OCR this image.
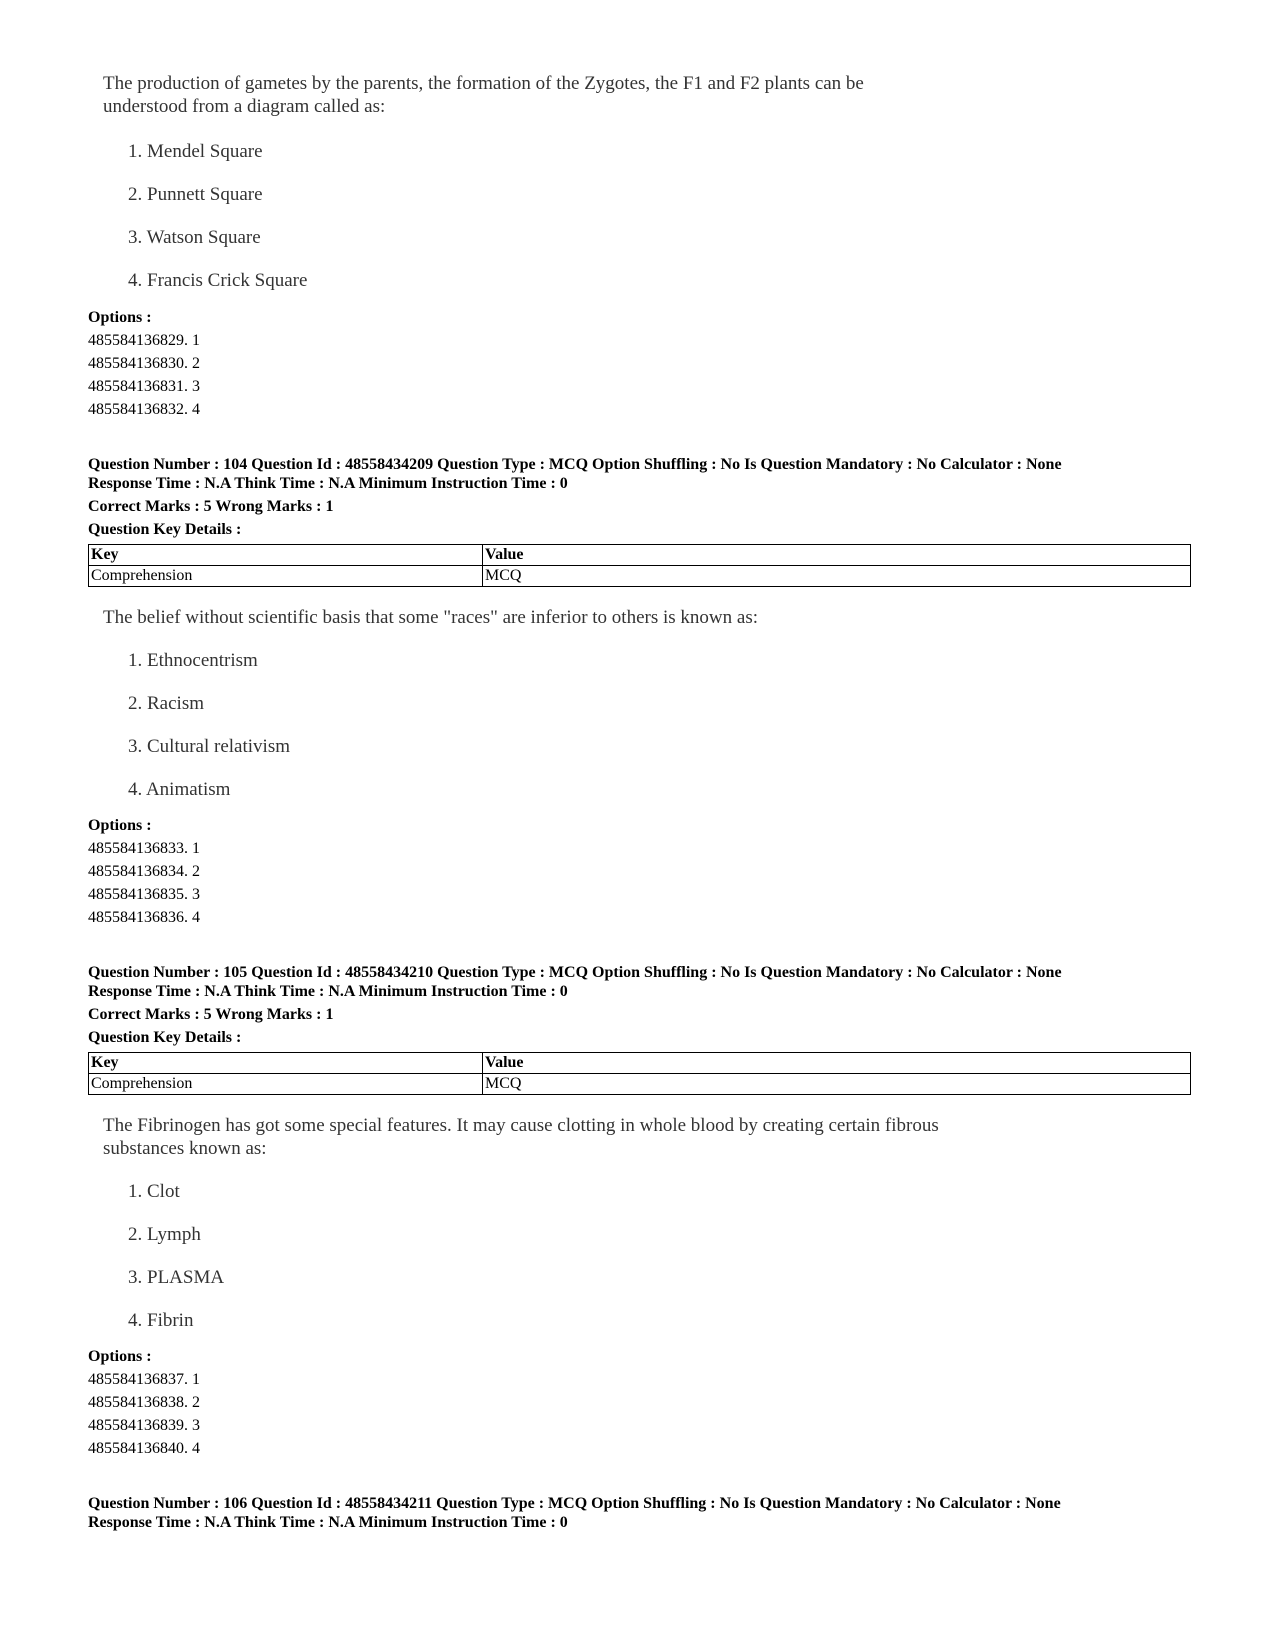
The production of gametes by the parents, the formation of the Zygotes, the F1 and F2 plants can be
understood from a diagram called as:
1. Mendel Square
2. Punnett Square
3. Watson Square
4. Francis Crick Square
Options :
485584136829. 1
485584136830. 2
485584136831. 3
485584136832. 4
Question Number : 104 Question Id : 48558434209 Question Type : MCQ Option Shuffling : No Is Question Mandatory : No Calculator : None
Response Time : N.A Think Time : N.A Minimum Instruction Time : 0
Correct Marks : 5 Wrong Marks : 1
Question Key Details :
Key	Value
Comprehension	MCQ
The belief without scientific basis that some "races" are inferior to others is known as:
1. Ethnocentrism
2. Racism
3. Cultural relativism
4. Animatism
Options :
485584136833. 1
485584136834. 2
485584136835. 3
485584136836. 4
Question Number : 105 Question Id : 48558434210 Question Type : MCQ Option Shuffling : No Is Question Mandatory : No Calculator : None
Response Time : N.A Think Time : N.A Minimum Instruction Time : 0
Correct Marks : 5 Wrong Marks : 1
Question Key Details :
Key	Value
Comprehension	MCQ
The Fibrinogen has got some special features. It may cause clotting in whole blood by creating certain fibrous
substances known as:
1. Clot
2. Lymph
3. PLASMA
4. Fibrin
Options :
485584136837. 1
485584136838. 2
485584136839. 3
485584136840. 4
Question Number : 106 Question Id : 48558434211 Question Type : MCQ Option Shuffling : No Is Question Mandatory : No Calculator : None
Response Time : N.A Think Time : N.A Minimum Instruction Time : 0
